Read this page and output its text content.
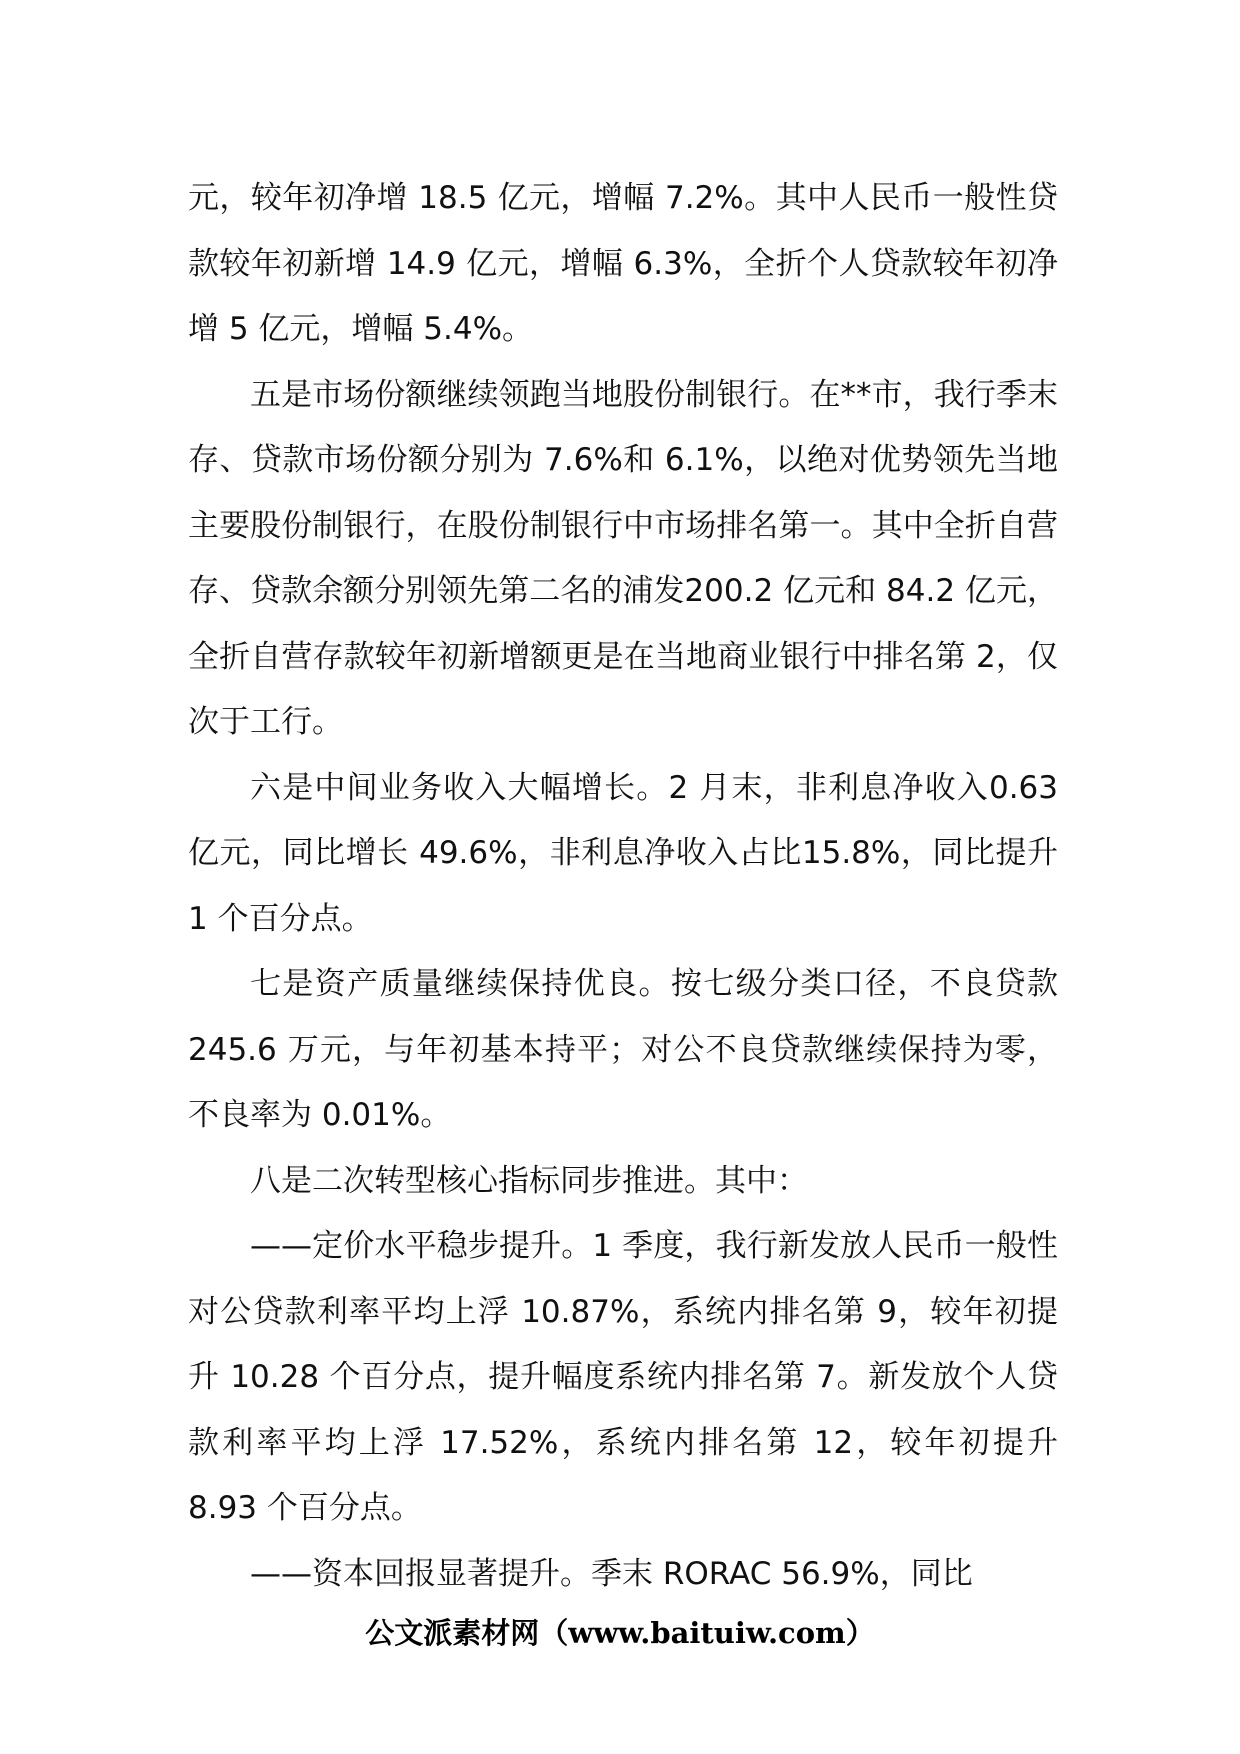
元，较年初净增 18.5 亿元，增幅 7.2%。其中人民币一般性贷款较年初新增 14.9 亿元，增幅 6.3%，全折个人贷款较年初净增 5 亿元，增幅 5.4%。

五是市场份额继续领跑当地股份制银行。在**市，我行季末存、贷款市场份额分别为 7.6%和 6.1%，以绝对优势领先当地主要股份制银行，在股份制银行中市场排名第一。其中全折自营存、贷款余额分别领先第二名的浦发200.2 亿元和 84.2 亿元，全折自营存款较年初新增额更是在当地商业银行中排名第 2，仅次于工行。

六是中间业务收入大幅增长。2 月末，非利息净收入0.63 亿元，同比增长 49.6%，非利息净收入占比15.8%，同比提升 1 个百分点。

七是资产质量继续保持优良。按七级分类口径，不良贷款 245.6 万元，与年初基本持平；对公不良贷款继续保持为零，不良率为 0.01%。

八是二次转型核心指标同步推进。其中：

——定价水平稳步提升。1 季度，我行新发放人民币一般性对公贷款利率平均上浮 10.87%，系统内排名第 9，较年初提升 10.28 个百分点，提升幅度系统内排名第 7。新发放个人贷款利率平均上浮 17.52%，系统内排名第 12，较年初提升 8.93 个百分点。

——资本回报显著提升。季末 RORAC 56.9%，同比

公文派素材网（www.baituiw.com）
